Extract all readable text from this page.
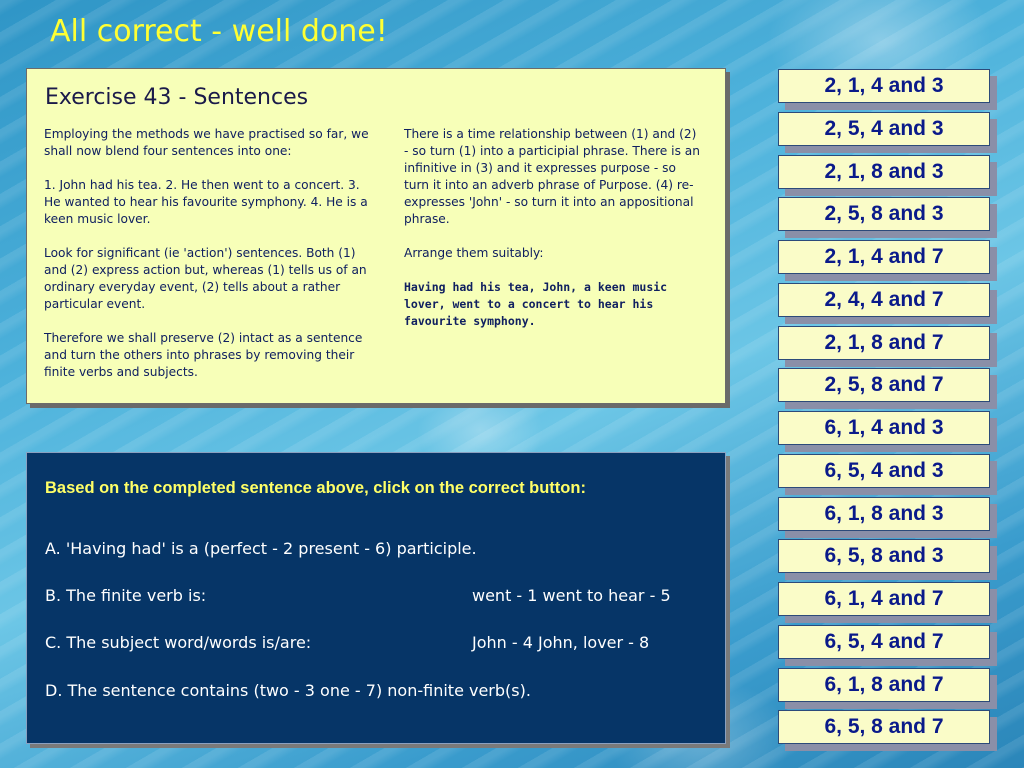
All correct - well done!
Exercise 43 - Sentences

Employing the methods we have practised so far, we shall now blend four sentences into one:

1. John had his tea. 2. He then went to a concert. 3. He wanted to hear his favourite symphony. 4. He is a keen music lover.

Look for significant (ie 'action') sentences. Both (1) and (2) express action but, whereas (1) tells us of an ordinary everyday event, (2) tells about a rather particular event.

Therefore we shall preserve (2) intact as a sentence and turn the others into phrases by removing their finite verbs and subjects.

There is a time relationship between (1) and (2) - so turn (1) into a participial phrase. There is an infinitive in (3) and it expresses purpose - so turn it into an adverb phrase of Purpose. (4) re-expresses 'John' - so turn it into an appositional phrase.

Arrange them suitably:

Having had his tea, John, a keen music lover, went to a concert to hear his favourite symphony.

Based on the completed sentence above, click on the correct button:

A. 'Having had' is a (perfect - 2 present - 6) participle.
B. The finite verb is:	went - 1 went to hear - 5
C. The subject word/words is/are:	John - 4 John, lover - 8
D. The sentence contains (two - 3 one - 7) non-finite verb(s).
2, 1, 4 and 3
2, 5, 4 and 3
2, 1, 8 and 3
2, 5, 8 and 3
2, 1, 4 and 7
2, 4, 4 and 7
2, 1, 8 and 7
2, 5, 8 and 7
6, 1, 4 and 3
6, 5, 4 and 3
6, 1, 8 and 3
6, 5, 8 and 3
6, 1, 4 and 7
6, 5, 4 and 7
6, 1, 8 and 7
6, 5, 8 and 7
